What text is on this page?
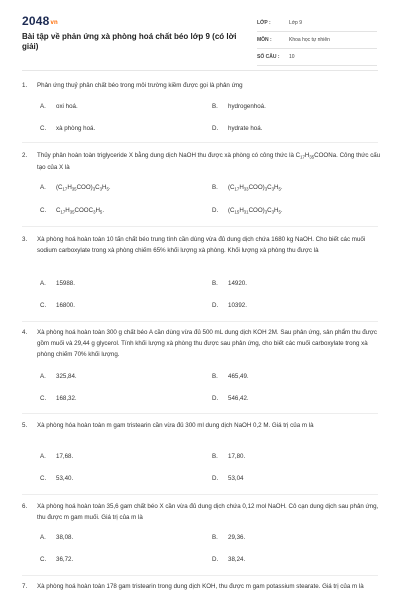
2048vn
Bài tập về phản ứng xà phòng hoá chất béo lớp 9 (có lời giải)
LỚP :	Lớp 9
MÔN :	Khoa học tự nhiên
SỐ CÂU :	10
1.	Phản ứng thuỷ phân chất béo trong môi trường kiềm được gọi là phản ứng
A. oxi hoá.	B. hydrogenhoá.
C. xà phòng hoá.	D. hydrate hoá.
2.	Thủy phân hoàn toàn triglyceride X bằng dung dịch NaOH thu được xà phòng có công thức là $C_{17}H_{35}COONa$. Công thức cấu tạo của X là
A. $(C_{17}H_{35}COO)_3C_3H_5$.	B. $(C_{17}H_{33}COO)_3C_3H_5$.
C. $C_{17}H_{35}COOC_3H_5$.	D. $(C_{15}H_{31}COO)_3C_3H_5$.
3.	Xà phòng hoá hoàn toàn 10 tấn chất béo trung tính cần dùng vừa đủ dung dịch chứa 1680 kg NaOH. Cho biết các muối sodium carboxylate trong xà phòng chiếm 65% khối lượng xà phòng. Khối lượng xà phòng thu được là
A. 15988.	B. 14920.
C. 16800.	D. 10392.
4.	Xà phòng hoá hoàn toàn 300 g chất béo A cần dùng vừa đủ 500 mL dung dịch KOH 2M. Sau phản ứng, sản phẩm thu được gồm muối và 29,44 g glycerol. Tính khối lượng xà phòng thu được sau phản ứng, cho biết các muối carboxylate trong xà phòng chiếm 70% khối lượng.
A. 325,84.	B. 465,49.
C. 168,32.	D. 546,42.
5.	Xà phòng hóa hoàn toàn m gam tristearin cần vừa đủ 300 ml dung dịch NaOH 0,2 M. Giá trị của m là
A. 17,68.	B. 17,80.
C. 53,40.	D. 53,04
6.	Xà phòng hoá hoàn toàn 35,6 gam chất béo X cần vừa đủ dung dịch chứa 0,12 mol NaOH. Cô cạn dung dịch sau phản ứng, thu được m gam muối. Giá trị của m là
A. 38,08.	B. 29,36.
C. 36,72.	D. 38,24.
7.	Xà phòng hoá hoàn toàn 178 gam tristearin trong dung dịch KOH, thu được m gam potassium stearate. Giá trị của m là
